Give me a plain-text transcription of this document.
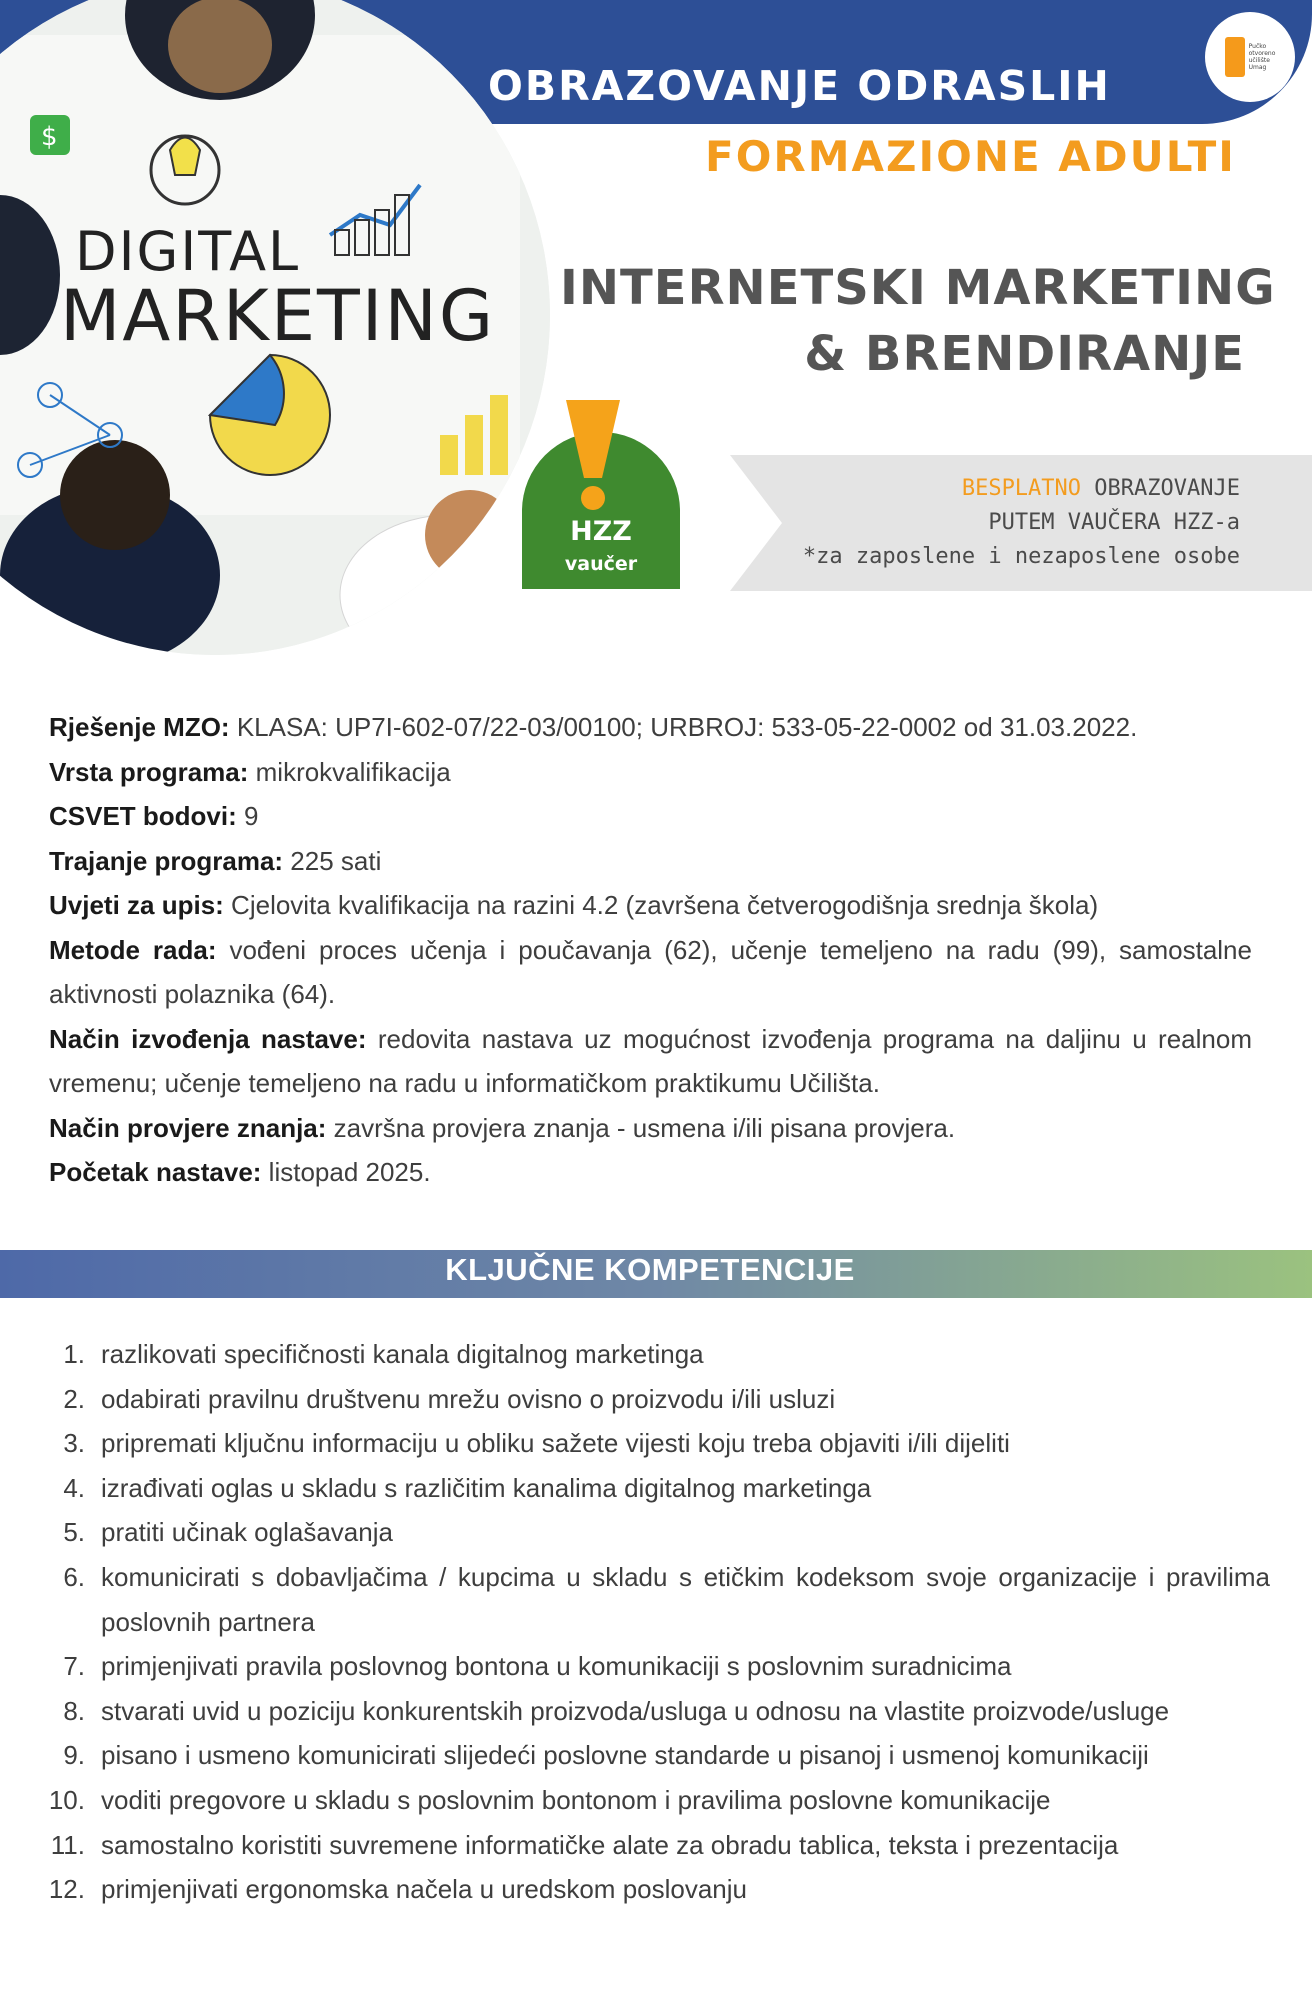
$
DIGITAL
MARKETING
Pučko
otvoreno
učilište
Umag
OBRAZOVANJE ODRASLIH
FORMAZIONE ADULTI
INTERNETSKI MARKETING
& BRENDIRANJE
BESPLATNO OBRAZOVANJE
PUTEM VAUČERA HZZ-a
*za zaposlene i nezaposlene osobe
HZZ
vaučer

Rješenje MZO: KLASA: UP7I-602-07/22-03/00100; URBROJ: 533-05-22-0002 od 31.03.2022.

Vrsta programa: mikrokvalifikacija

CSVET bodovi: 9

Trajanje programa: 225 sati

Uvjeti za upis: Cjelovita kvalifikacija na razini 4.2 (završena četverogodišnja srednja škola)

Metode rada: vođeni proces učenja i poučavanja (62), učenje temeljeno na radu (99), samostalne aktivnosti polaznika (64).

Način izvođenja nastave: redovita nastava uz mogućnost izvođenja programa na daljinu u realnom vremenu; učenje temeljeno na radu u informatičkom praktikumu Učilišta.

Način provjere znanja: završna provjera znanja - usmena i/ili pisana provjera.

Početak nastave: listopad 2025.

KLJUČNE KOMPETENCIJE
1. razlikovati specifičnosti kanala digitalnog marketinga
2. odabirati pravilnu društvenu mrežu ovisno o proizvodu i/ili usluzi
3. pripremati ključnu informaciju u obliku sažete vijesti koju treba objaviti i/ili dijeliti
4. izrađivati oglas u skladu s različitim kanalima digitalnog marketinga
5. pratiti učinak oglašavanja
6. komunicirati s dobavljačima / kupcima u skladu s etičkim kodeksom svoje organizacije i pravilima poslovnih partnera
7. primjenjivati pravila poslovnog bontona u komunikaciji s poslovnim suradnicima
8. stvarati uvid u poziciju konkurentskih proizvoda/usluga u odnosu na vlastite proizvode/usluge
9. pisano i usmeno komunicirati slijedeći poslovne standarde u pisanoj i usmenoj komunikaciji
10. voditi pregovore u skladu s poslovnim bontonom i pravilima poslovne komunikacije
11. samostalno koristiti suvremene informatičke alate za obradu tablica, teksta i prezentacija
12. primjenjivati ergonomska načela u uredskom poslovanju
